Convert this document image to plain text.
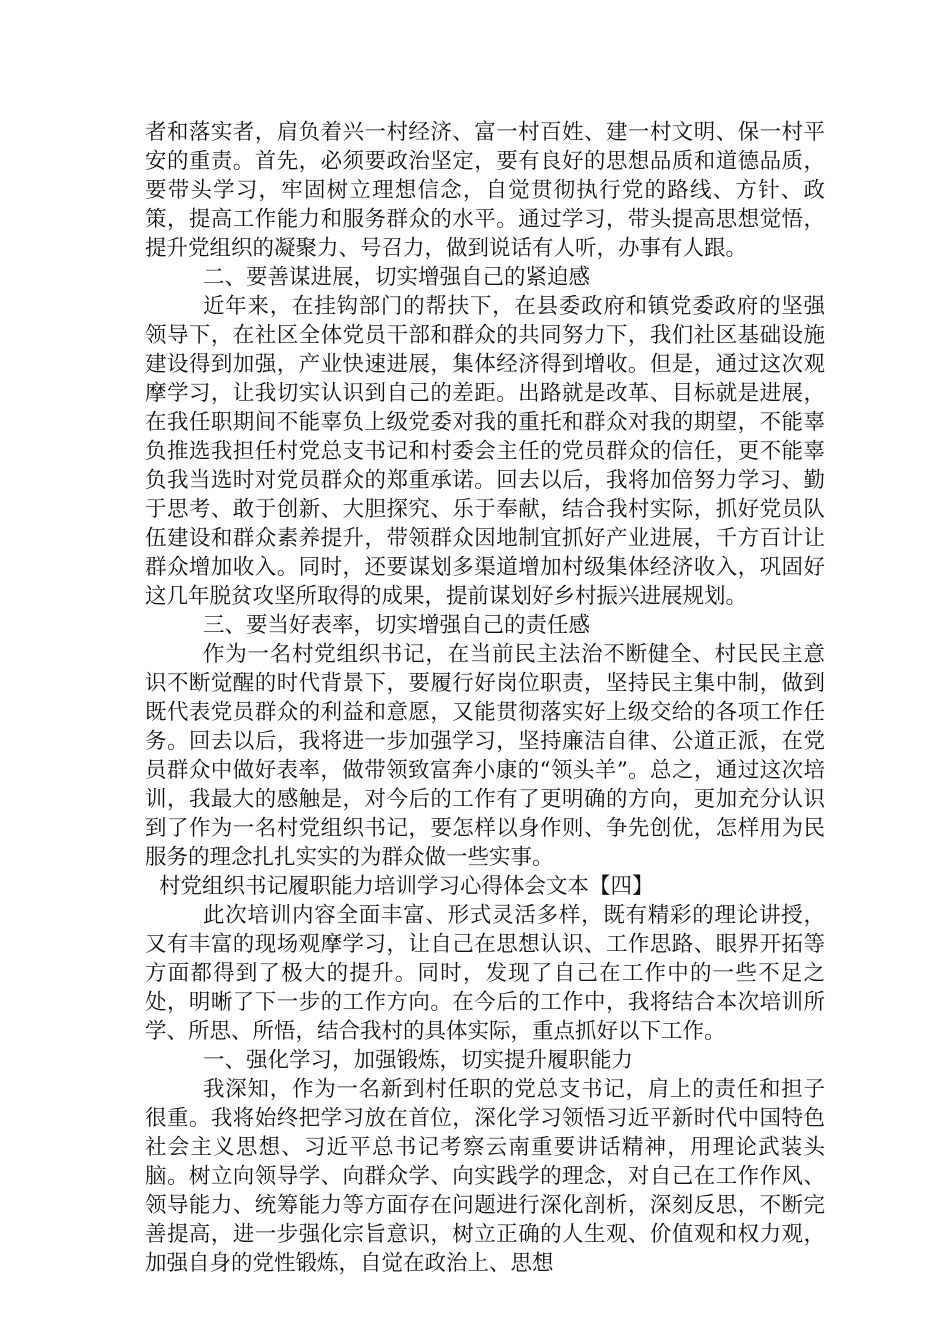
者和落实者，肩负着兴一村经济、富一村百姓、建一村文明、保一村平安的重责。首先，必须要政治坚定，要有良好的思想品质和道德品质，要带头学习，牢固树立理想信念，自觉贯彻执行党的路线、方针、政策，提高工作能力和服务群众的水平。通过学习，带头提高思想觉悟，提升党组织的凝聚力、号召力，做到说话有人听，办事有人跟。

二、要善谋进展，切实增强自己的紧迫感

近年来，在挂钩部门的帮扶下，在县委政府和镇党委政府的坚强领导下，在社区全体党员干部和群众的共同努力下，我们社区基础设施建设得到加强，产业快速进展，集体经济得到增收。但是，通过这次观摩学习，让我切实认识到自己的差距。出路就是改革、目标就是进展，在我任职期间不能辜负上级党委对我的重托和群众对我的期望，不能辜负推选我担任村党总支书记和村委会主任的党员群众的信任，更不能辜负我当选时对党员群众的郑重承诺。回去以后，我将加倍努力学习、勤于思考、敢于创新、大胆探究、乐于奉献，结合我村实际，抓好党员队伍建设和群众素养提升，带领群众因地制宜抓好产业进展，千方百计让群众增加收入。同时，还要谋划多渠道增加村级集体经济收入，巩固好这几年脱贫攻坚所取得的成果，提前谋划好乡村振兴进展规划。

三、要当好表率，切实增强自己的责任感

作为一名村党组织书记，在当前民主法治不断健全、村民民主意识不断觉醒的时代背景下，要履行好岗位职责，坚持民主集中制，做到既代表党员群众的利益和意愿，又能贯彻落实好上级交给的各项工作任务。回去以后，我将进一步加强学习，坚持廉洁自律、公道正派，在党员群众中做好表率，做带领致富奔小康的“领头羊”。总之，通过这次培训，我最大的感触是，对今后的工作有了更明确的方向，更加充分认识到了作为一名村党组织书记，要怎样以身作则、争先创优，怎样用为民服务的理念扎扎实实的为群众做一些实事。

村党组织书记履职能力培训学习心得体会文本【四】

此次培训内容全面丰富、形式灵活多样，既有精彩的理论讲授，又有丰富的现场观摩学习，让自己在思想认识、工作思路、眼界开拓等方面都得到了极大的提升。同时，发现了自己在工作中的一些不足之处，明晰了下一步的工作方向。在今后的工作中，我将结合本次培训所学、所思、所悟，结合我村的具体实际，重点抓好以下工作。

一、强化学习，加强锻炼，切实提升履职能力

我深知，作为一名新到村任职的党总支书记，肩上的责任和担子很重。我将始终把学习放在首位，深化学习领悟习近平新时代中国特色社会主义思想、习近平总书记考察云南重要讲话精神，用理论武装头脑。树立向领导学、向群众学、向实践学的理念，对自己在工作作风、领导能力、统筹能力等方面存在问题进行深化剖析，深刻反思，不断完善提高，进一步强化宗旨意识，树立正确的人生观、价值观和权力观，加强自身的党性锻炼，自觉在政治上、思想
